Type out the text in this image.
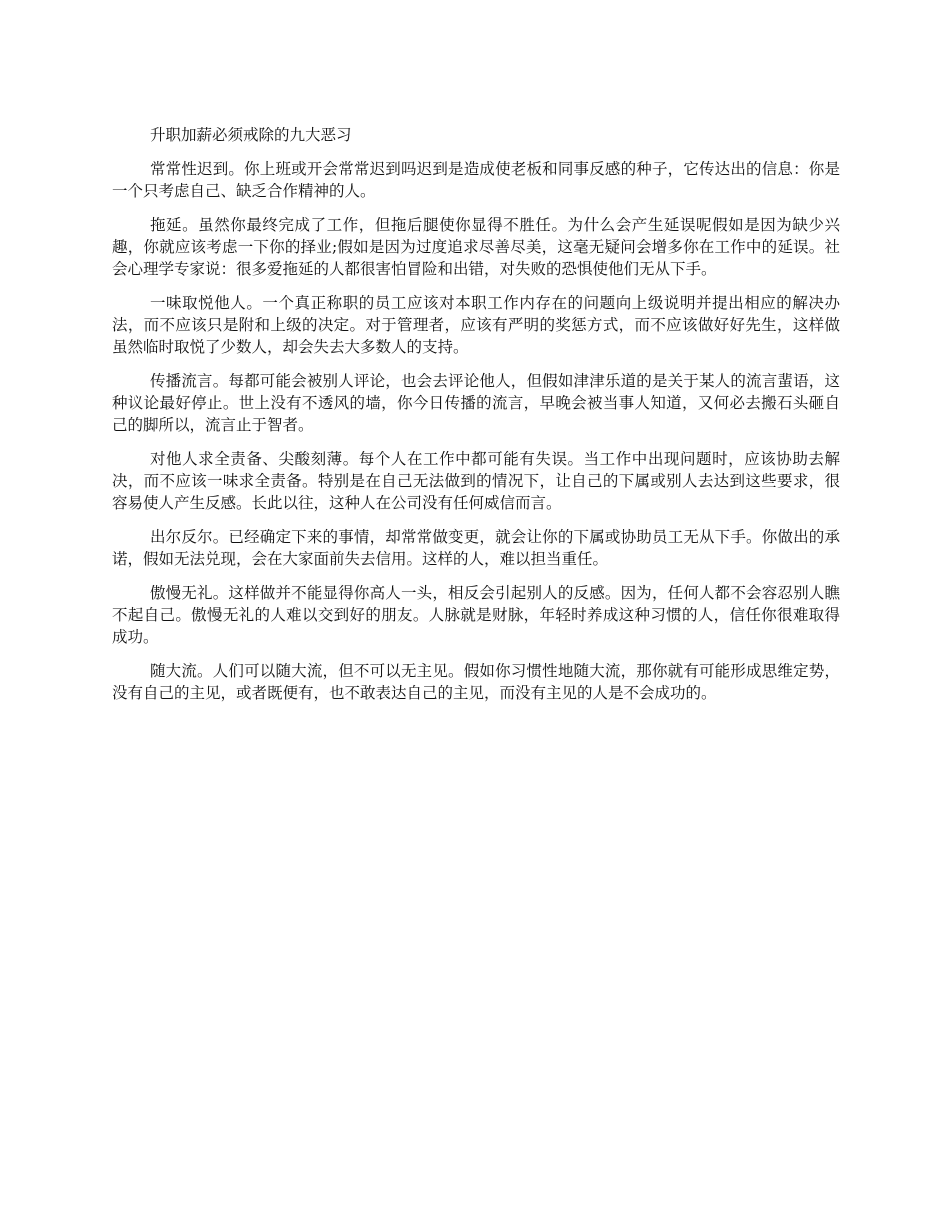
升职加薪必须戒除的九大恶习

常常性迟到。你上班或开会常常迟到吗迟到是造成使老板和同事反感的种子，它传达出的信息：你是一个只考虑自己、缺乏合作精神的人。

拖延。虽然你最终完成了工作，但拖后腿使你显得不胜任。为什么会产生延误呢假如是因为缺少兴趣，你就应该考虑一下你的择业;假如是因为过度追求尽善尽美，这毫无疑问会增多你在工作中的延误。社会心理学专家说：很多爱拖延的人都很害怕冒险和出错，对失败的恐惧使他们无从下手。

一味取悦他人。一个真正称职的员工应该对本职工作内存在的问题向上级说明并提出相应的解决办法，而不应该只是附和上级的决定。对于管理者，应该有严明的奖惩方式，而不应该做好好先生，这样做虽然临时取悦了少数人，却会失去大多数人的支持。

传播流言。每都可能会被别人评论，也会去评论他人，但假如津津乐道的是关于某人的流言蜚语，这种议论最好停止。世上没有不透风的墙，你今日传播的流言，早晚会被当事人知道，又何必去搬石头砸自己的脚所以，流言止于智者。

对他人求全责备、尖酸刻薄。每个人在工作中都可能有失误。当工作中出现问题时，应该协助去解决，而不应该一味求全责备。特别是在自己无法做到的情况下，让自己的下属或别人去达到这些要求，很容易使人产生反感。长此以往，这种人在公司没有任何威信而言。

出尔反尔。已经确定下来的事情，却常常做变更，就会让你的下属或协助员工无从下手。你做出的承诺，假如无法兑现，会在大家面前失去信用。这样的人，难以担当重任。

傲慢无礼。这样做并不能显得你高人一头，相反会引起别人的反感。因为，任何人都不会容忍别人瞧不起自己。傲慢无礼的人难以交到好的朋友。人脉就是财脉，年轻时养成这种习惯的人，信任你很难取得成功。

随大流。人们可以随大流，但不可以无主见。假如你习惯性地随大流，那你就有可能形成思维定势，没有自己的主见，或者既便有，也不敢表达自己的主见，而没有主见的人是不会成功的。
